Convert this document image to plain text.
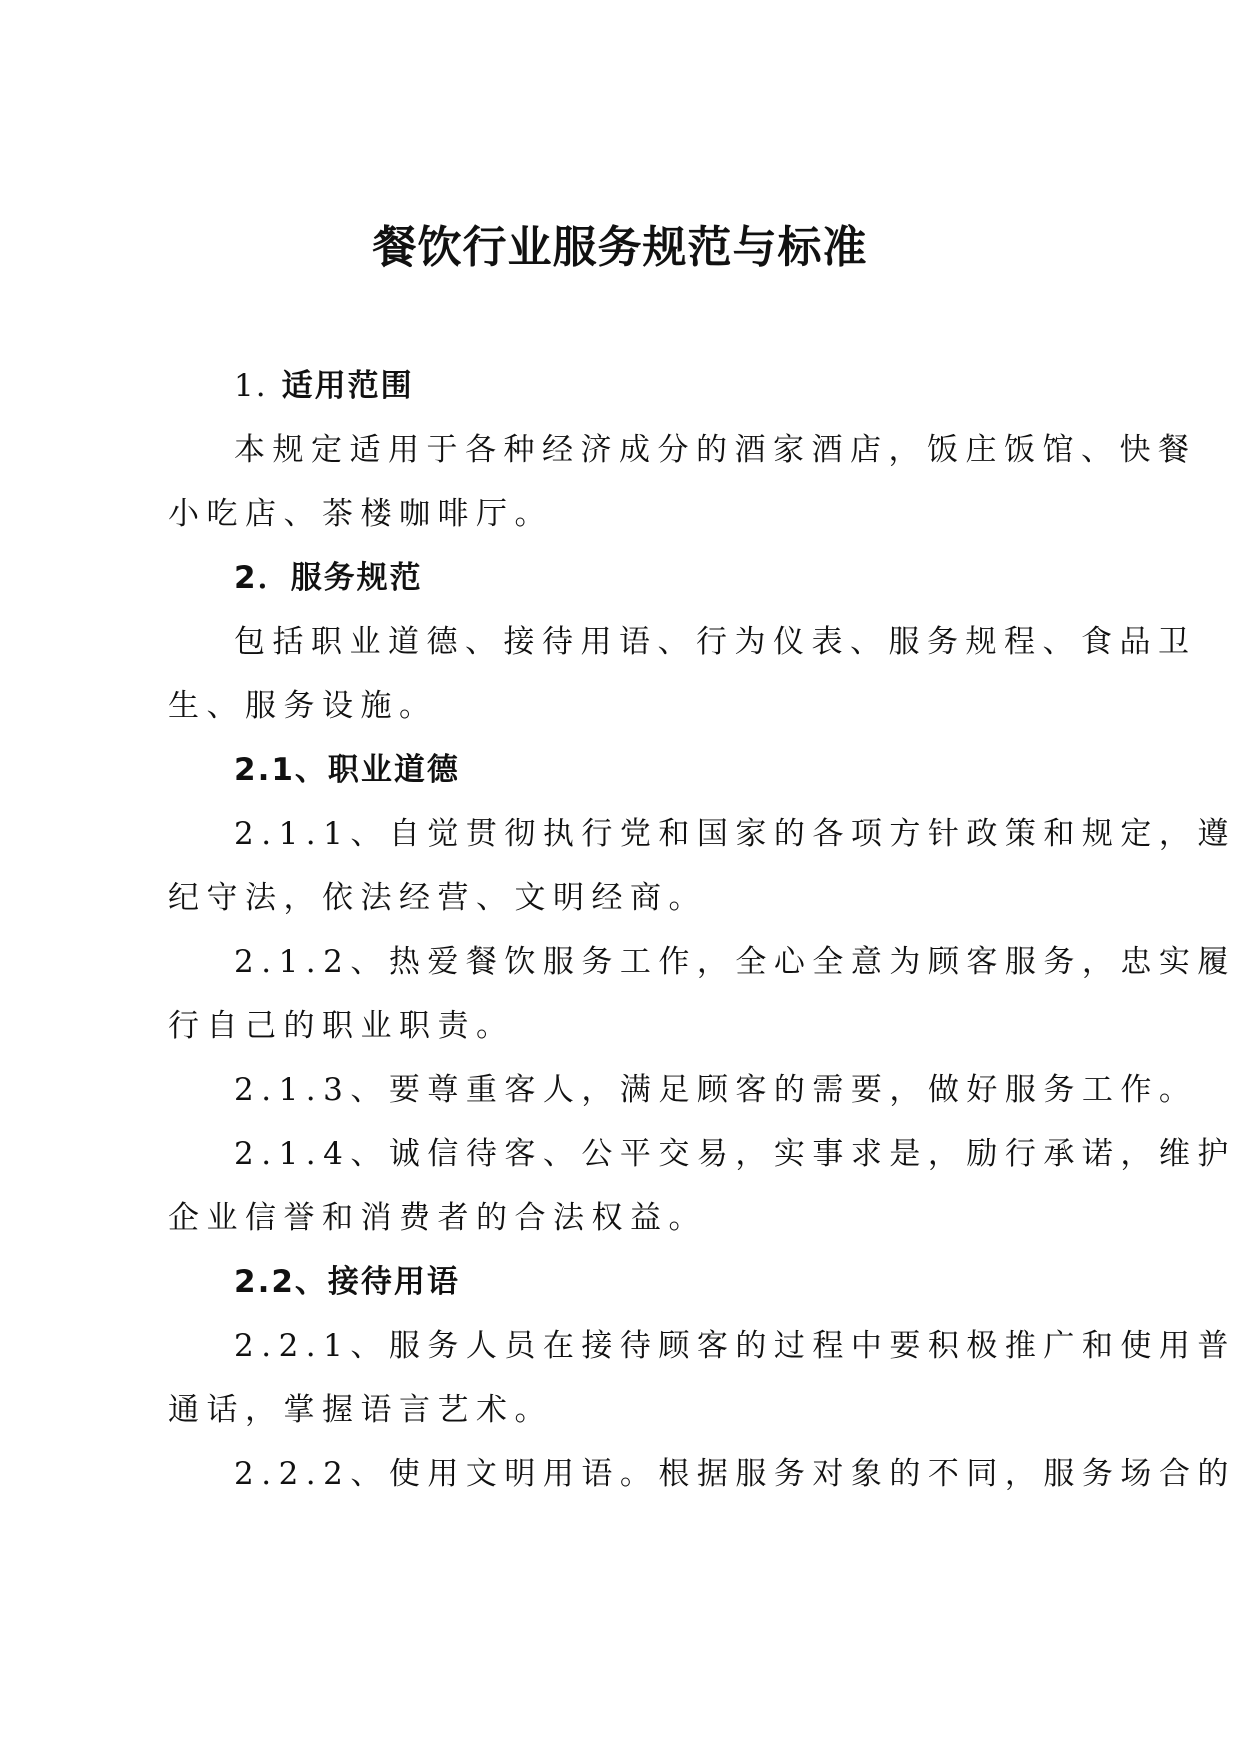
餐饮行业服务规范与标准
1. 适用范围
本规定适用于各种经济成分的酒家酒店，饭庄饭馆、快餐
小吃店、茶楼咖啡厅。
2．服务规范
包括职业道德、接待用语、行为仪表、服务规程、食品卫
生、服务设施。
2.1、职业道德
2.1.1、自觉贯彻执行党和国家的各项方针政策和规定，遵
纪守法，依法经营、文明经商。
2.1.2、热爱餐饮服务工作，全心全意为顾客服务，忠实履
行自己的职业职责。
2.1.3、要尊重客人，满足顾客的需要，做好服务工作。
2.1.4、诚信待客、公平交易，实事求是，励行承诺，维护
企业信誉和消费者的合法权益。
2.2、接待用语
2.2.1、服务人员在接待顾客的过程中要积极推广和使用普
通话，掌握语言艺术。
2.2.2、使用文明用语。根据服务对象的不同，服务场合的
